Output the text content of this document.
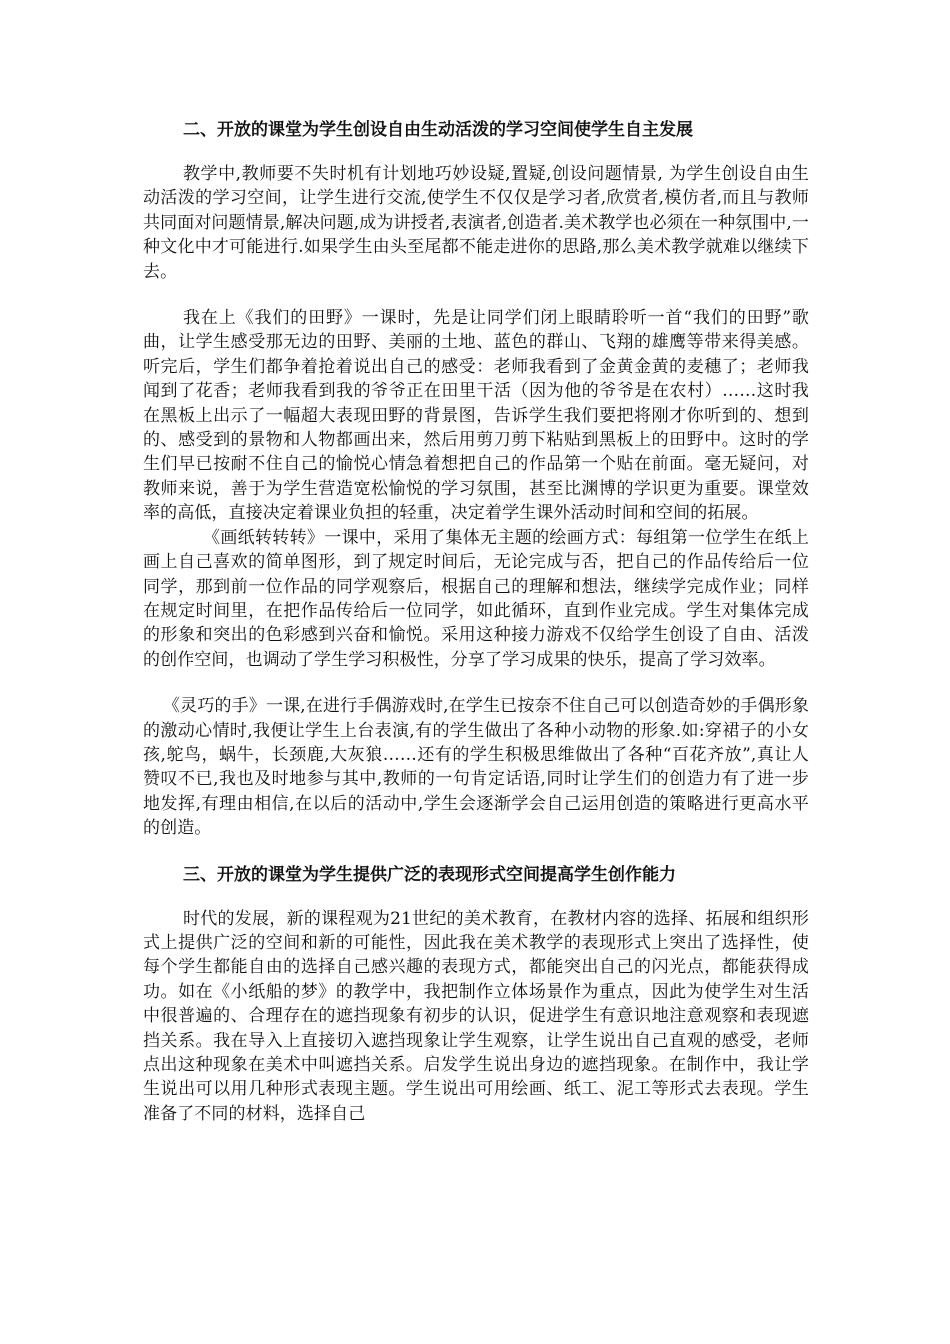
二、开放的课堂为学生创设自由生动活泼的学习空间使学生自主发展

教学中,教师要不失时机有计划地巧妙设疑,置疑,创设问题情景, 为学生创设自由生动活泼的学习空间，让学生进行交流,使学生不仅仅是学习者,欣赏者,模仿者,而且与教师共同面对问题情景,解决问题,成为讲授者,表演者,创造者.美术教学也必须在一种氛围中,一种文化中才可能进行.如果学生由头至尾都不能走进你的思路,那么美术教学就难以继续下去。

我在上《我们的田野》一课时，先是让同学们闭上眼睛聆听一首“我们的田野”歌曲，让学生感受那无边的田野、美丽的土地、蓝色的群山、飞翔的雄鹰等带来得美感。听完后，学生们都争着抢着说出自己的感受：老师我看到了金黄金黄的麦穗了；老师我闻到了花香；老师我看到我的爷爷正在田里干活（因为他的爷爷是在农村）……这时我在黑板上出示了一幅超大表现田野的背景图，告诉学生我们要把将刚才你听到的、想到的、感受到的景物和人物都画出来，然后用剪刀剪下粘贴到黑板上的田野中。这时的学生们早已按耐不住自己的愉悦心情急着想把自己的作品第一个贴在前面。毫无疑问，对教师来说，善于为学生营造宽松愉悦的学习氛围，甚至比渊博的学识更为重要。课堂效率的高低，直接决定着课业负担的轻重，决定着学生课外活动时间和空间的拓展。

《画纸转转转》一课中，采用了集体无主题的绘画方式：每组第一位学生在纸上画上自己喜欢的简单图形，到了规定时间后，无论完成与否，把自己的作品传给后一位同学，那到前一位作品的同学观察后，根据自己的理解和想法，继续学完成作业；同样在规定时间里，在把作品传给后一位同学，如此循环，直到作业完成。学生对集体完成的形象和突出的色彩感到兴奋和愉悦。采用这种接力游戏不仅给学生创设了自由、活泼的创作空间，也调动了学生学习积极性，分享了学习成果的快乐，提高了学习效率。

《灵巧的手》一课,在进行手偶游戏时,在学生已按奈不住自己可以创造奇妙的手偶形象的激动心情时,我便让学生上台表演,有的学生做出了各种小动物的形象.如:穿裙子的小女孩,鸵鸟，蜗牛，长颈鹿,大灰狼……还有的学生积极思维做出了各种“百花齐放”,真让人赞叹不已,我也及时地参与其中,教师的一句肯定话语,同时让学生们的创造力有了进一步地发挥,有理由相信,在以后的活动中,学生会逐渐学会自己运用创造的策略进行更高水平的创造。

三、开放的课堂为学生提供广泛的表现形式空间提高学生创作能力

时代的发展，新的课程观为21世纪的美术教育，在教材内容的选择、拓展和组织形式上提供广泛的空间和新的可能性，因此我在美术教学的表现形式上突出了选择性，使每个学生都能自由的选择自己感兴趣的表现方式，都能突出自己的闪光点，都能获得成功。如在《小纸船的梦》的教学中，我把制作立体场景作为重点，因此为使学生对生活中很普遍的、合理存在的遮挡现象有初步的认识，促进学生有意识地注意观察和表现遮挡关系。我在导入上直接切入遮挡现象让学生观察，让学生说出自己直观的感受，老师点出这种现象在美术中叫遮挡关系。启发学生说出身边的遮挡现象。在制作中，我让学生说出可以用几种形式表现主题。学生说出可用绘画、纸工、泥工等形式去表现。学生准备了不同的材料，选择自己
